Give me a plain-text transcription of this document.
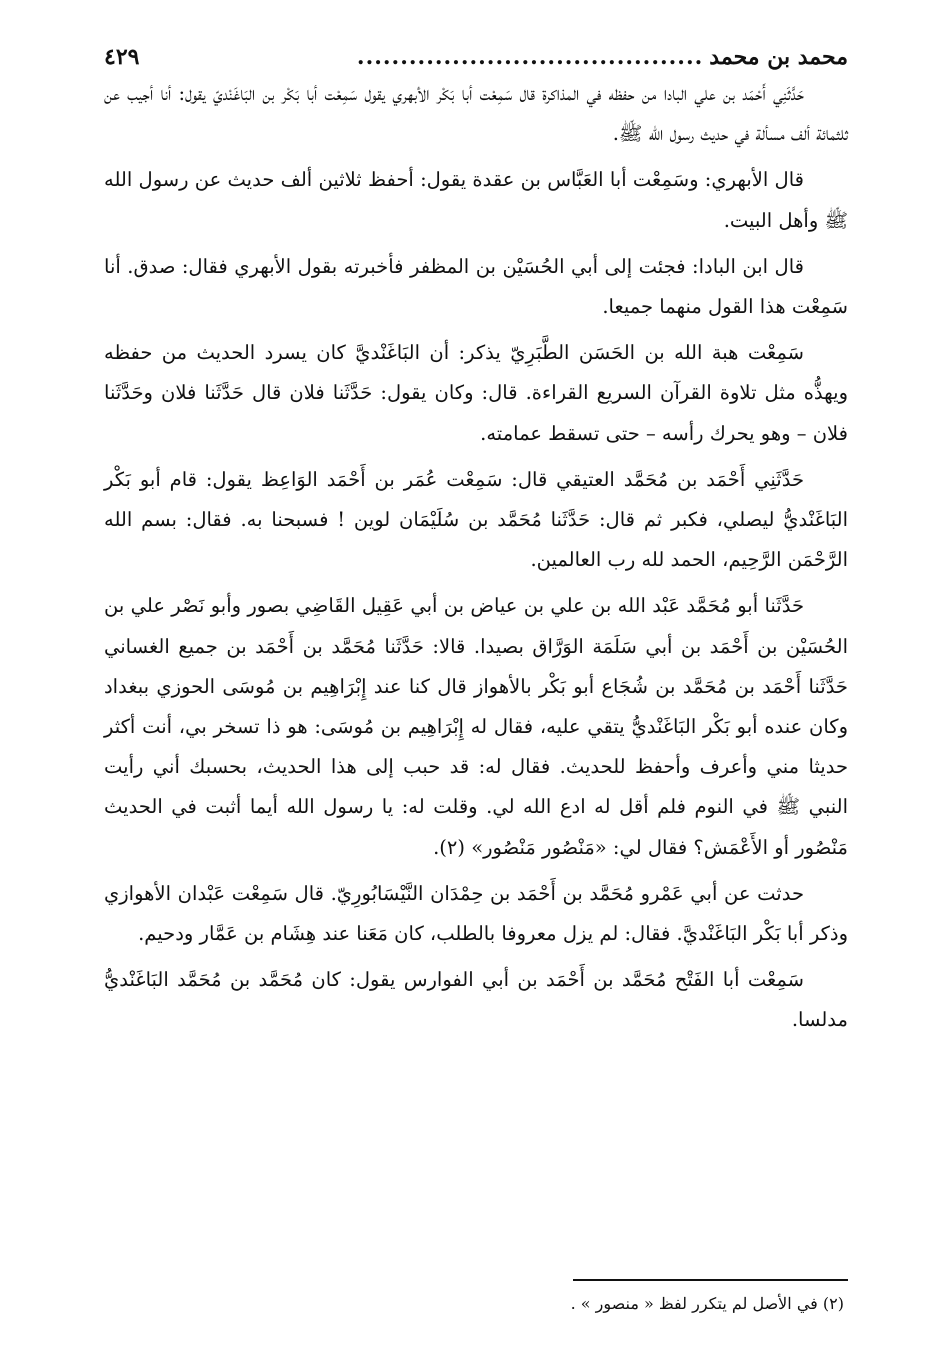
محمد بن محمد
........................................
٤٢٩

حَدَّثَنِي أَحْمَد بن علي البادا من حفظه في المذاكرة قال سَمِعْت أبا بَكْر الأبهري يقول سَمِعْت أبا بَكْر بن البَاغَنْديّ يقول: أنا أجيب عن ثلثمائة ألف مسألة في حديث رسول الله ﷺ.

قال الأبهري: وسَمِعْت أبا العَبَّاس بن عقدة يقول: أحفظ ثلاثين ألف حديث عن رسول الله ﷺ وأهل البيت.

قال ابن البادا: فجئت إلى أبي الحُسَيْن بن المظفر فأخبرته بقول الأبهري فقال: صدق. أنا سَمِعْت هذا القول منهما جميعا.

سَمِعْت هبة الله بن الحَسَن الطَّبَرِيّ يذكر: أن البَاغَنْديَّ كان يسرد الحديث من حفظه ويهذُّه مثل تلاوة القرآن السريع القراءة. قال: وكان يقول: حَدَّثَنا فلان قال حَدَّثَنا فلان وحَدَّثَنا فلان – وهو يحرك رأسه – حتى تسقط عمامته.

حَدَّثَنِي أَحْمَد بن مُحَمَّد العتيقي قال: سَمِعْت عُمَر بن أَحْمَد الوَاعِظ يقول: قام أبو بَكْر البَاغَنْديُّ ليصلي، فكبر ثم قال: حَدَّثَنا مُحَمَّد بن سُلَيْمَان لوين ! فسبحنا به. فقال: بسم الله الرَّحْمَن الرَّحِيم، الحمد لله رب العالمين.

حَدَّثَنا أبو مُحَمَّد عَبْد الله بن علي بن عياض بن أبي عَقِيل القَاضِي بصور وأبو نَصْر علي بن الحُسَيْن بن أَحْمَد بن أبي سَلَمَة الوَرَّاق بصيدا. قالا: حَدَّثَنا مُحَمَّد بن أَحْمَد بن جميع الغساني حَدَّثَنا أَحْمَد بن مُحَمَّد بن شُجَاع أبو بَكْر بالأهواز قال كنا عند إِبْرَاهِيم بن مُوسَى الحوزي ببغداد وكان عنده أبو بَكْر البَاغَنْديُّ يتقي عليه، فقال له إِبْرَاهِيم بن مُوسَى: هو ذا تسخر بي، أنت أكثر حديثا مني وأعرف وأحفظ للحديث. فقال له: قد حبب إلى هذا الحديث، بحسبك أني رأيت النبي ﷺ في النوم فلم أقل له ادع الله لي. وقلت له: يا رسول الله أيما أثبت في الحديث مَنْصُور أو الأَعْمَش؟ فقال لي: «مَنْصُور مَنْصُور» (٢).

حدثت عن أبي عَمْرو مُحَمَّد بن أَحْمَد بن حِمْدَان النَّيْسَابُورِيّ. قال سَمِعْت عَبْدان الأهوازي وذكر أبا بَكْر البَاغَنْديَّ. فقال: لم يزل معروفا بالطلب، كان مَعَنا عند هِشَام بن عَمَّار ودحيم.

سَمِعْت أبا الفَتْح مُحَمَّد بن أَحْمَد بن أبي الفوارس يقول: كان مُحَمَّد بن مُحَمَّد البَاغَنْديُّ مدلسا.

(٢) في الأصل لم يتكرر لفظ « منصور » .
